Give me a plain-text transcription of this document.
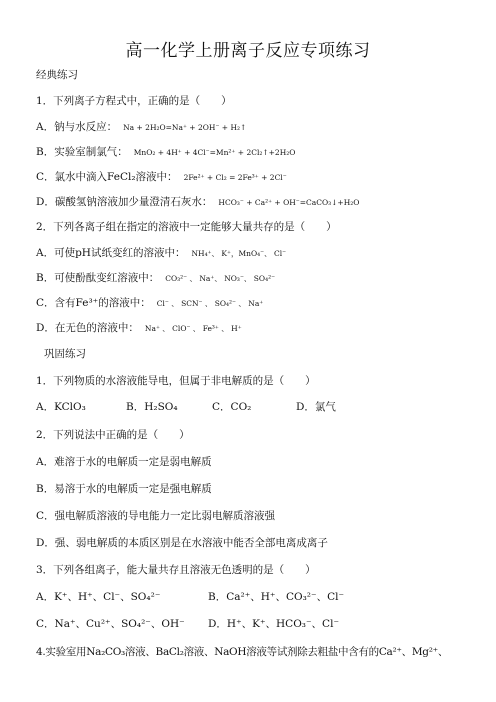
高一化学上册离子反应专项练习
经典练习
1．下列离子方程式中，正确的是（　　）
A．钠与水反应： Na + 2H₂O=Na⁺ + 2OH⁻ + H₂↑
B．实验室制氯气： MnO₂ + 4H⁺ + 4Cl⁻=Mn²⁺ + 2Cl₂↑+2H₂O
C．氯水中滴入FeCl₂溶液中： 2Fe²⁺ + Cl₂ = 2Fe³⁺ + 2Cl⁻
D．碳酸氢钠溶液加少量澄清石灰水： HCO₃⁻ + Ca²⁺ + OH⁻=CaCO₃↓+H₂O
2．下列各离子组在指定的溶液中一定能够大量共存的是（　　）
A．可使pH试纸变红的溶液中： NH₄⁺、 K⁺，MnO₄⁻、 Cl⁻
B．可使酚酞变红溶液中： CO₃²⁻ 、 Na⁺、 NO₃⁻、 SO₄²⁻
C．含有Fe³⁺的溶液中： Cl⁻ 、 SCN⁻ 、 SO₄²⁻ 、 Na⁺
D．在无色的溶液中： Na⁺ 、 ClO⁻ 、 Fe³⁺ 、 H⁺
巩固练习
1．下列物质的水溶液能导电，但属于非电解质的是（　　）
A．KClO₃	B．H₂SO₄	C．CO₂	D．氯气
2．下列说法中正确的是（　　）
A．难溶于水的电解质一定是弱电解质
B．易溶于水的电解质一定是强电解质
C．强电解质溶液的导电能力一定比弱电解质溶液强
D．强、弱电解质的本质区别是在水溶液中能否全部电离成离子
3．下列各组离子，能大量共存且溶液无色透明的是（　　）
A．K⁺、H⁺、Cl⁻、SO₄²⁻	B．Ca²⁺、H⁺、CO₃²⁻、Cl⁻
C．Na⁺、Cu²⁺、SO₄²⁻、OH⁻ D．H⁺、K⁺、HCO₃⁻、Cl⁻
4.实验室用Na₂CO₃溶液、BaCl₂溶液、NaOH溶液等试剂除去粗盐中含有的Ca²⁺、Mg²⁺、
